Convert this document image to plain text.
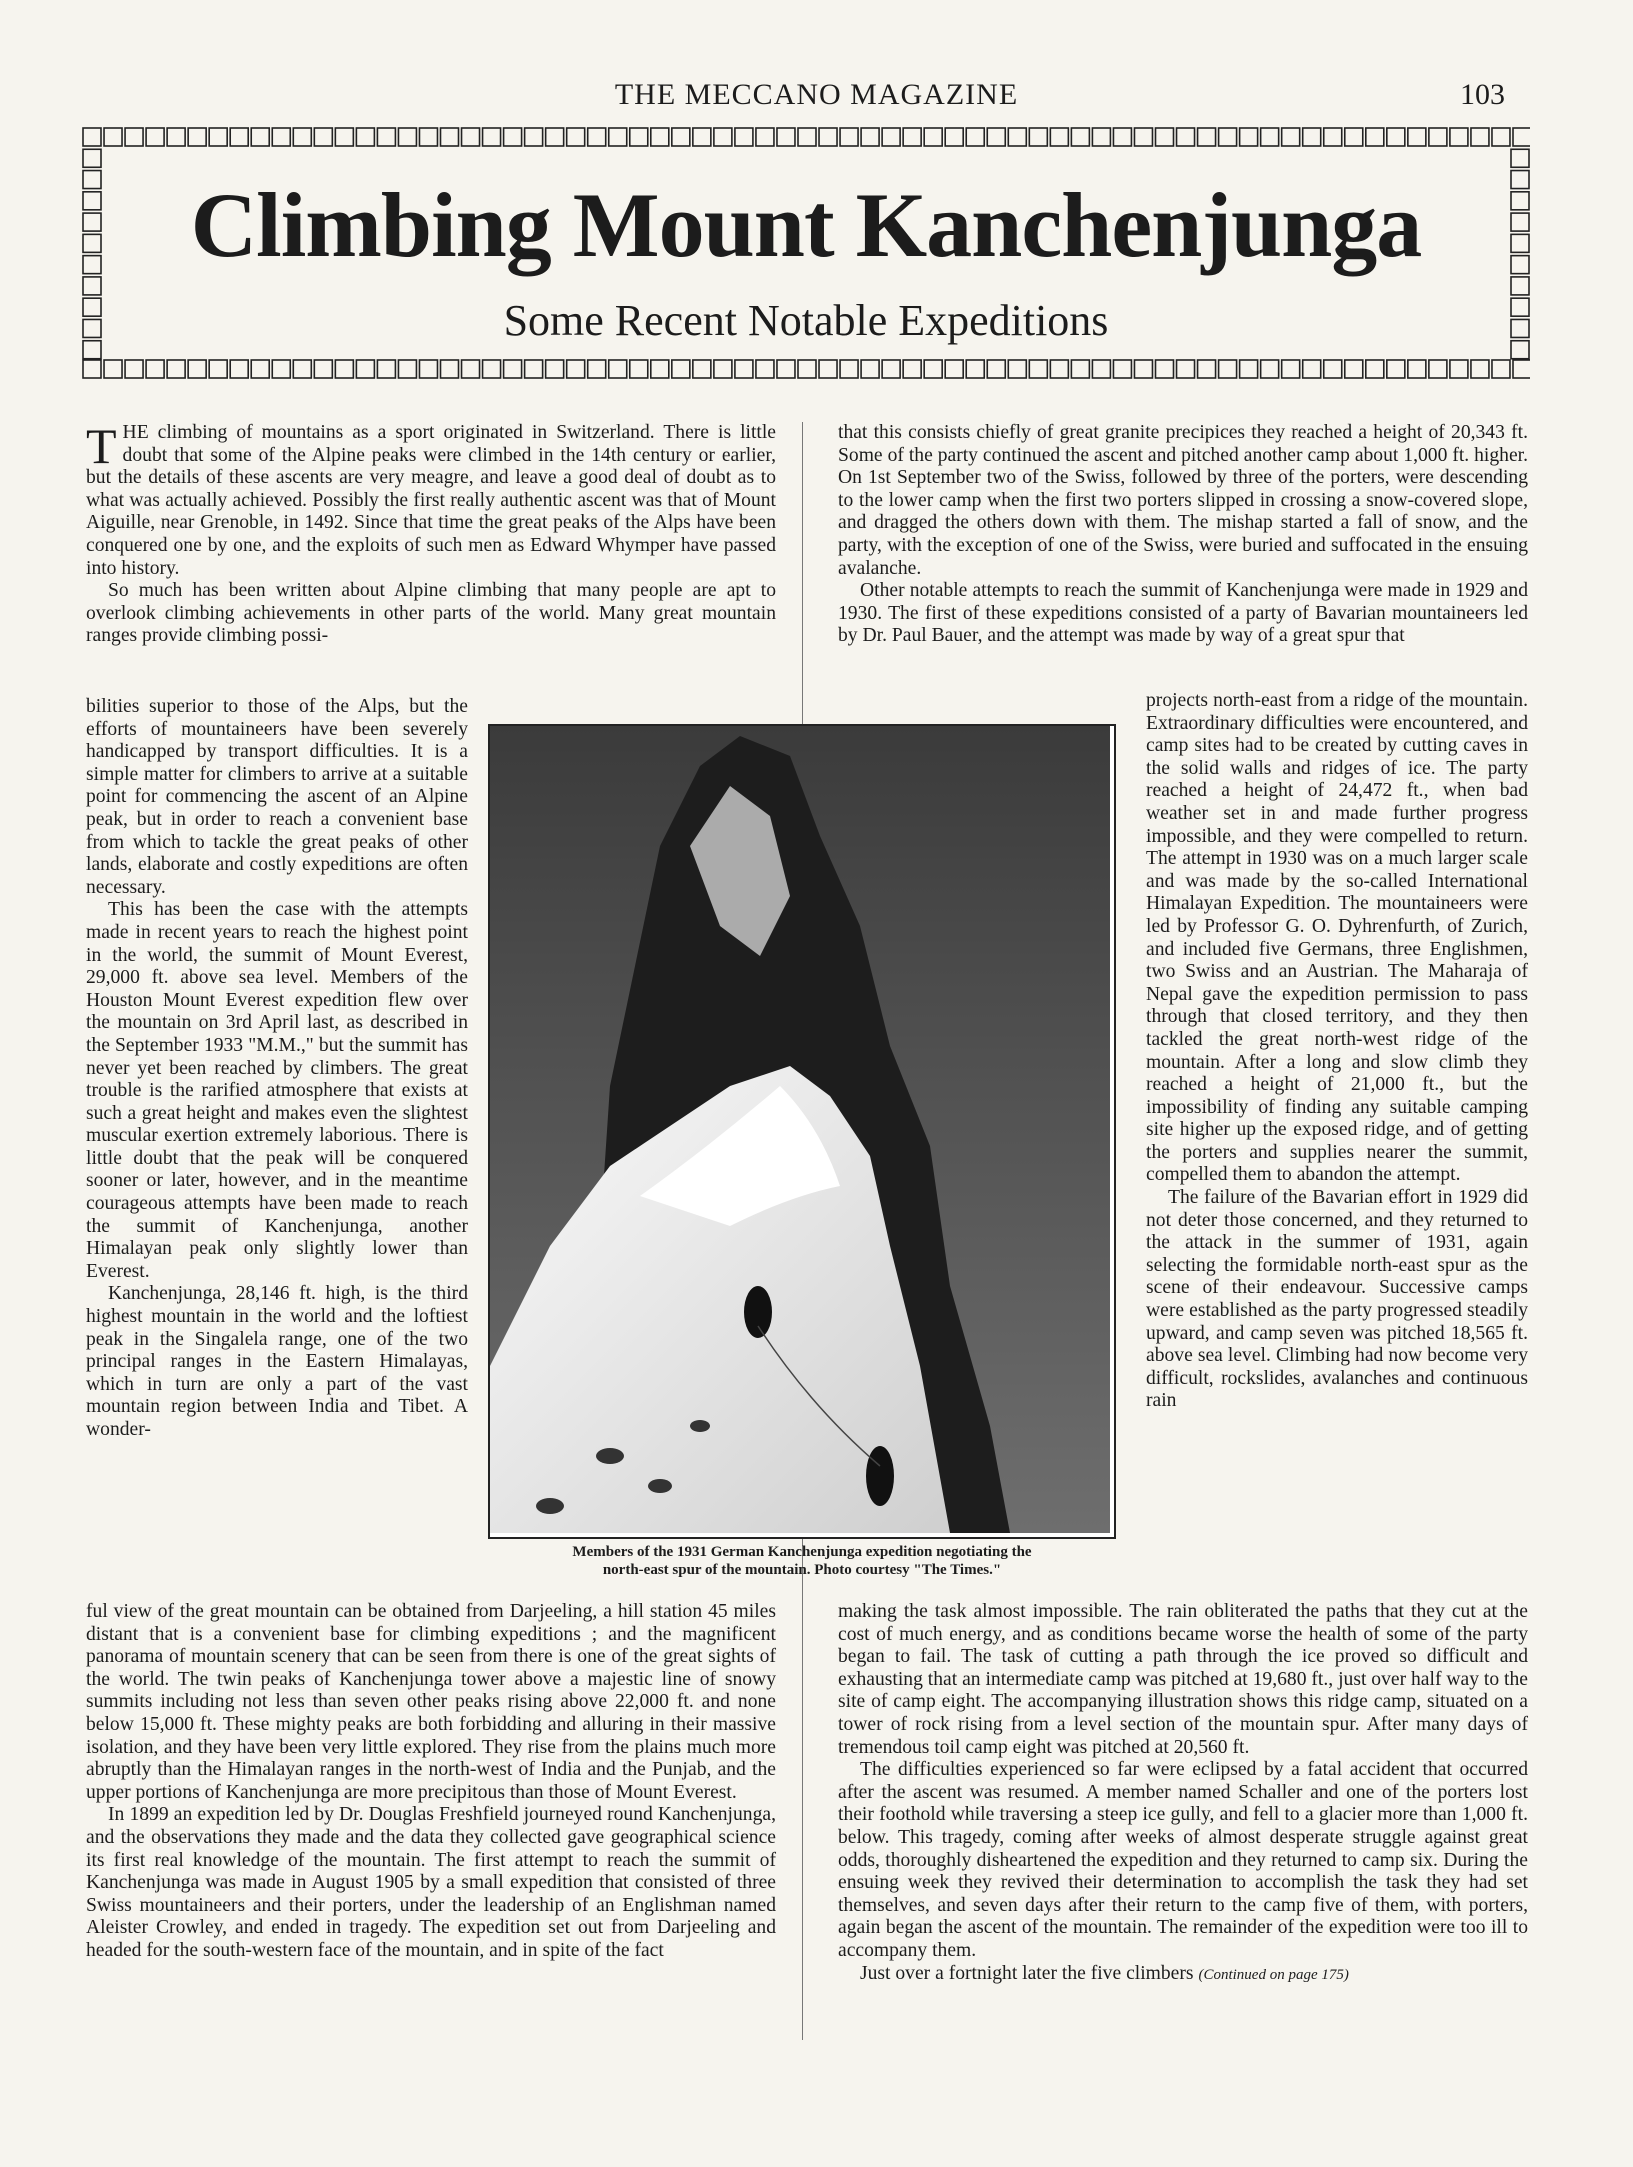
THE MECCANO MAGAZINE	103
Climbing Mount Kanchenjunga
Some Recent Notable Expeditions

THE climbing of mountains as a sport originated in Switzerland. There is little doubt that some of the Alpine peaks were climbed in the 14th century or earlier, but the details of these ascents are very meagre, and leave a good deal of doubt as to what was actually achieved. Possibly the first really authentic ascent was that of Mount Aiguille, near Grenoble, in 1492. Since that time the great peaks of the Alps have been conquered one by one, and the exploits of such men as Edward Whymper have passed into history.

So much has been written about Alpine climbing that many people are apt to overlook climbing achievements in other parts of the world. Many great mountain ranges provide climbing possi-

bilities superior to those of the Alps, but the efforts of mountaineers have been severely handicapped by transport difficulties. It is a simple matter for climbers to arrive at a suitable point for commencing the ascent of an Alpine peak, but in order to reach a convenient base from which to tackle the great peaks of other lands, elaborate and costly expeditions are often necessary.

This has been the case with the attempts made in recent years to reach the highest point in the world, the summit of Mount Everest, 29,000 ft. above sea level. Members of the Houston Mount Everest expedition flew over the mountain on 3rd April last, as described in the September 1933 "M.M.," but the summit has never yet been reached by climbers. The great trouble is the rarified atmosphere that exists at such a great height and makes even the slightest muscular exertion extremely laborious. There is little doubt that the peak will be conquered sooner or later, however, and in the meantime courageous attempts have been made to reach the summit of Kanchenjunga, another Himalayan peak only slightly lower than Everest.

Kanchenjunga, 28,146 ft. high, is the third highest mountain in the world and the loftiest peak in the Singalela range, one of the two principal ranges in the Eastern Himalayas, which in turn are only a part of the vast mountain region between India and Tibet. A wonder-

ful view of the great mountain can be obtained from Darjeeling, a hill station 45 miles distant that is a convenient base for climbing expeditions ; and the magnificent panorama of mountain scenery that can be seen from there is one of the great sights of the world. The twin peaks of Kanchenjunga tower above a majestic line of snowy summits including not less than seven other peaks rising above 22,000 ft. and none below 15,000 ft. These mighty peaks are both forbidding and alluring in their massive isolation, and they have been very little explored. They rise from the plains much more abruptly than the Himalayan ranges in the north-west of India and the Punjab, and the upper portions of Kanchenjunga are more precipitous than those of Mount Everest.

In 1899 an expedition led by Dr. Douglas Freshfield journeyed round Kanchenjunga, and the observations they made and the data they collected gave geographical science its first real knowledge of the mountain. The first attempt to reach the summit of Kanchenjunga was made in August 1905 by a small expedition that consisted of three Swiss mountaineers and their porters, under the leadership of an Englishman named Aleister Crowley, and ended in tragedy. The expedition set out from Darjeeling and headed for the south-western face of the mountain, and in spite of the fact

that this consists chiefly of great granite precipices they reached a height of 20,343 ft. Some of the party continued the ascent and pitched another camp about 1,000 ft. higher. On 1st September two of the Swiss, followed by three of the porters, were descending to the lower camp when the first two porters slipped in crossing a snow-covered slope, and dragged the others down with them. The mishap started a fall of snow, and the party, with the exception of one of the Swiss, were buried and suffocated in the ensuing avalanche.

Other notable attempts to reach the summit of Kanchenjunga were made in 1929 and 1930. The first of these expeditions consisted of a party of Bavarian mountaineers led by Dr. Paul Bauer, and the attempt was made by way of a great spur that

projects north-east from a ridge of the mountain. Extraordinary difficulties were encountered, and camp sites had to be created by cutting caves in the solid walls and ridges of ice. The party reached a height of 24,472 ft., when bad weather set in and made further progress impossible, and they were compelled to return. The attempt in 1930 was on a much larger scale and was made by the so-called International Himalayan Expedition. The mountaineers were led by Professor G. O. Dyhrenfurth, of Zurich, and included five Germans, three Englishmen, two Swiss and an Austrian. The Maharaja of Nepal gave the expedition permission to pass through that closed territory, and they then tackled the great north-west ridge of the mountain. After a long and slow climb they reached a height of 21,000 ft., but the impossibility of finding any suitable camping site higher up the exposed ridge, and of getting the porters and supplies nearer the summit, compelled them to abandon the attempt.

The failure of the Bavarian effort in 1929 did not deter those concerned, and they returned to the attack in the summer of 1931, again selecting the formidable north-east spur as the scene of their endeavour. Successive camps were established as the party progressed steadily upward, and camp seven was pitched 18,565 ft. above sea level. Climbing had now become very difficult, rockslides, avalanches and continuous rain

making the task almost impossible. The rain obliterated the paths that they cut at the cost of much energy, and as conditions became worse the health of some of the party began to fail. The task of cutting a path through the ice proved so difficult and exhausting that an intermediate camp was pitched at 19,680 ft., just over half way to the site of camp eight. The accompanying illustration shows this ridge camp, situated on a tower of rock rising from a level section of the mountain spur. After many days of tremendous toil camp eight was pitched at 20,560 ft.

The difficulties experienced so far were eclipsed by a fatal accident that occurred after the ascent was resumed. A member named Schaller and one of the porters lost their foothold while traversing a steep ice gully, and fell to a glacier more than 1,000 ft. below. This tragedy, coming after weeks of almost desperate struggle against great odds, thoroughly disheartened the expedition and they returned to camp six. During the ensuing week they revived their determination to accomplish the task they had set themselves, and seven days after their return to the camp five of them, with porters, again began the ascent of the mountain. The remainder of the expedition were too ill to accompany them.

Just over a fortnight later the five climbers (Continued on page 175)

Members of the 1931 German Kanchenjunga expedition negotiating the
north-east spur of the mountain. Photo courtesy "The Times."
